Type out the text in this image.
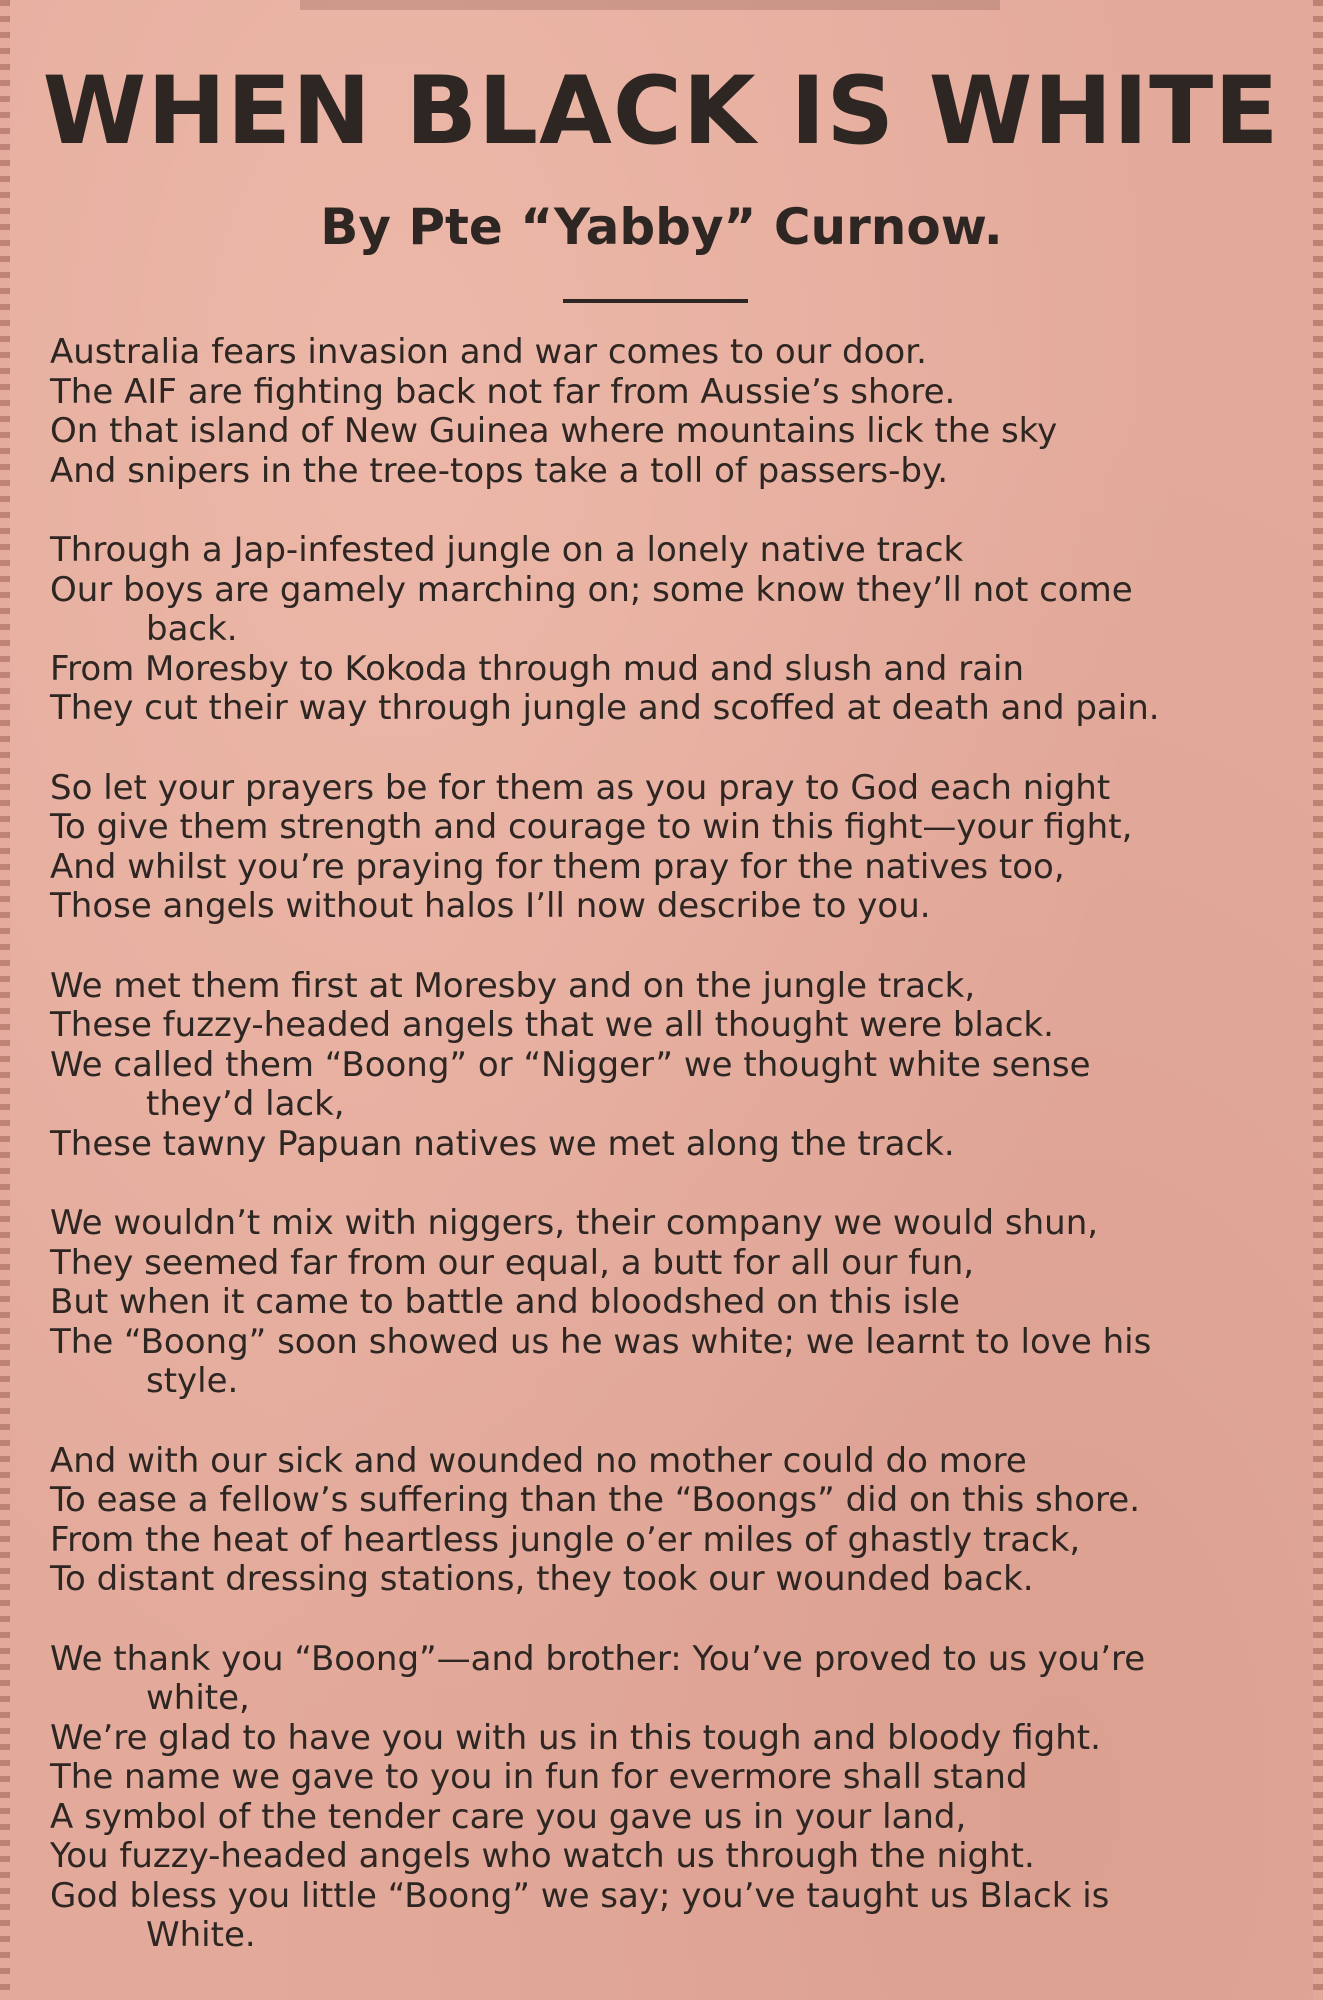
WHEN BLACK IS WHITE
By Pte “Yabby” Curnow.
Australia fears invasion and war comes to our door.
The AIF are fighting back not far from Aussie’s shore.
On that island of New Guinea where mountains lick the sky
And snipers in the tree-tops take a toll of passers-by.
Through a Jap-infested jungle on a lonely native track
Our boys are gamely marching on; some know they’ll not come
back.
From Moresby to Kokoda through mud and slush and rain
They cut their way through jungle and scoffed at death and pain.
So let your prayers be for them as you pray to God each night
To give them strength and courage to win this fight—your fight,
And whilst you’re praying for them pray for the natives too,
Those angels without halos I’ll now describe to you.
We met them first at Moresby and on the jungle track,
These fuzzy-headed angels that we all thought were black.
We called them “Boong” or “Nigger” we thought white sense
they’d lack,
These tawny Papuan natives we met along the track.
We wouldn’t mix with niggers, their company we would shun,
They seemed far from our equal, a butt for all our fun,
But when it came to battle and bloodshed on this isle
The “Boong” soon showed us he was white; we learnt to love his
style.
And with our sick and wounded no mother could do more
To ease a fellow’s suffering than the “Boongs” did on this shore.
From the heat of heartless jungle o’er miles of ghastly track,
To distant dressing stations, they took our wounded back.
We thank you “Boong”—and brother: You’ve proved to us you’re
white,
We’re glad to have you with us in this tough and bloody fight.
The name we gave to you in fun for evermore shall stand
A symbol of the tender care you gave us in your land,
You fuzzy-headed angels who watch us through the night.
God bless you little “Boong” we say; you’ve taught us Black is
White.
